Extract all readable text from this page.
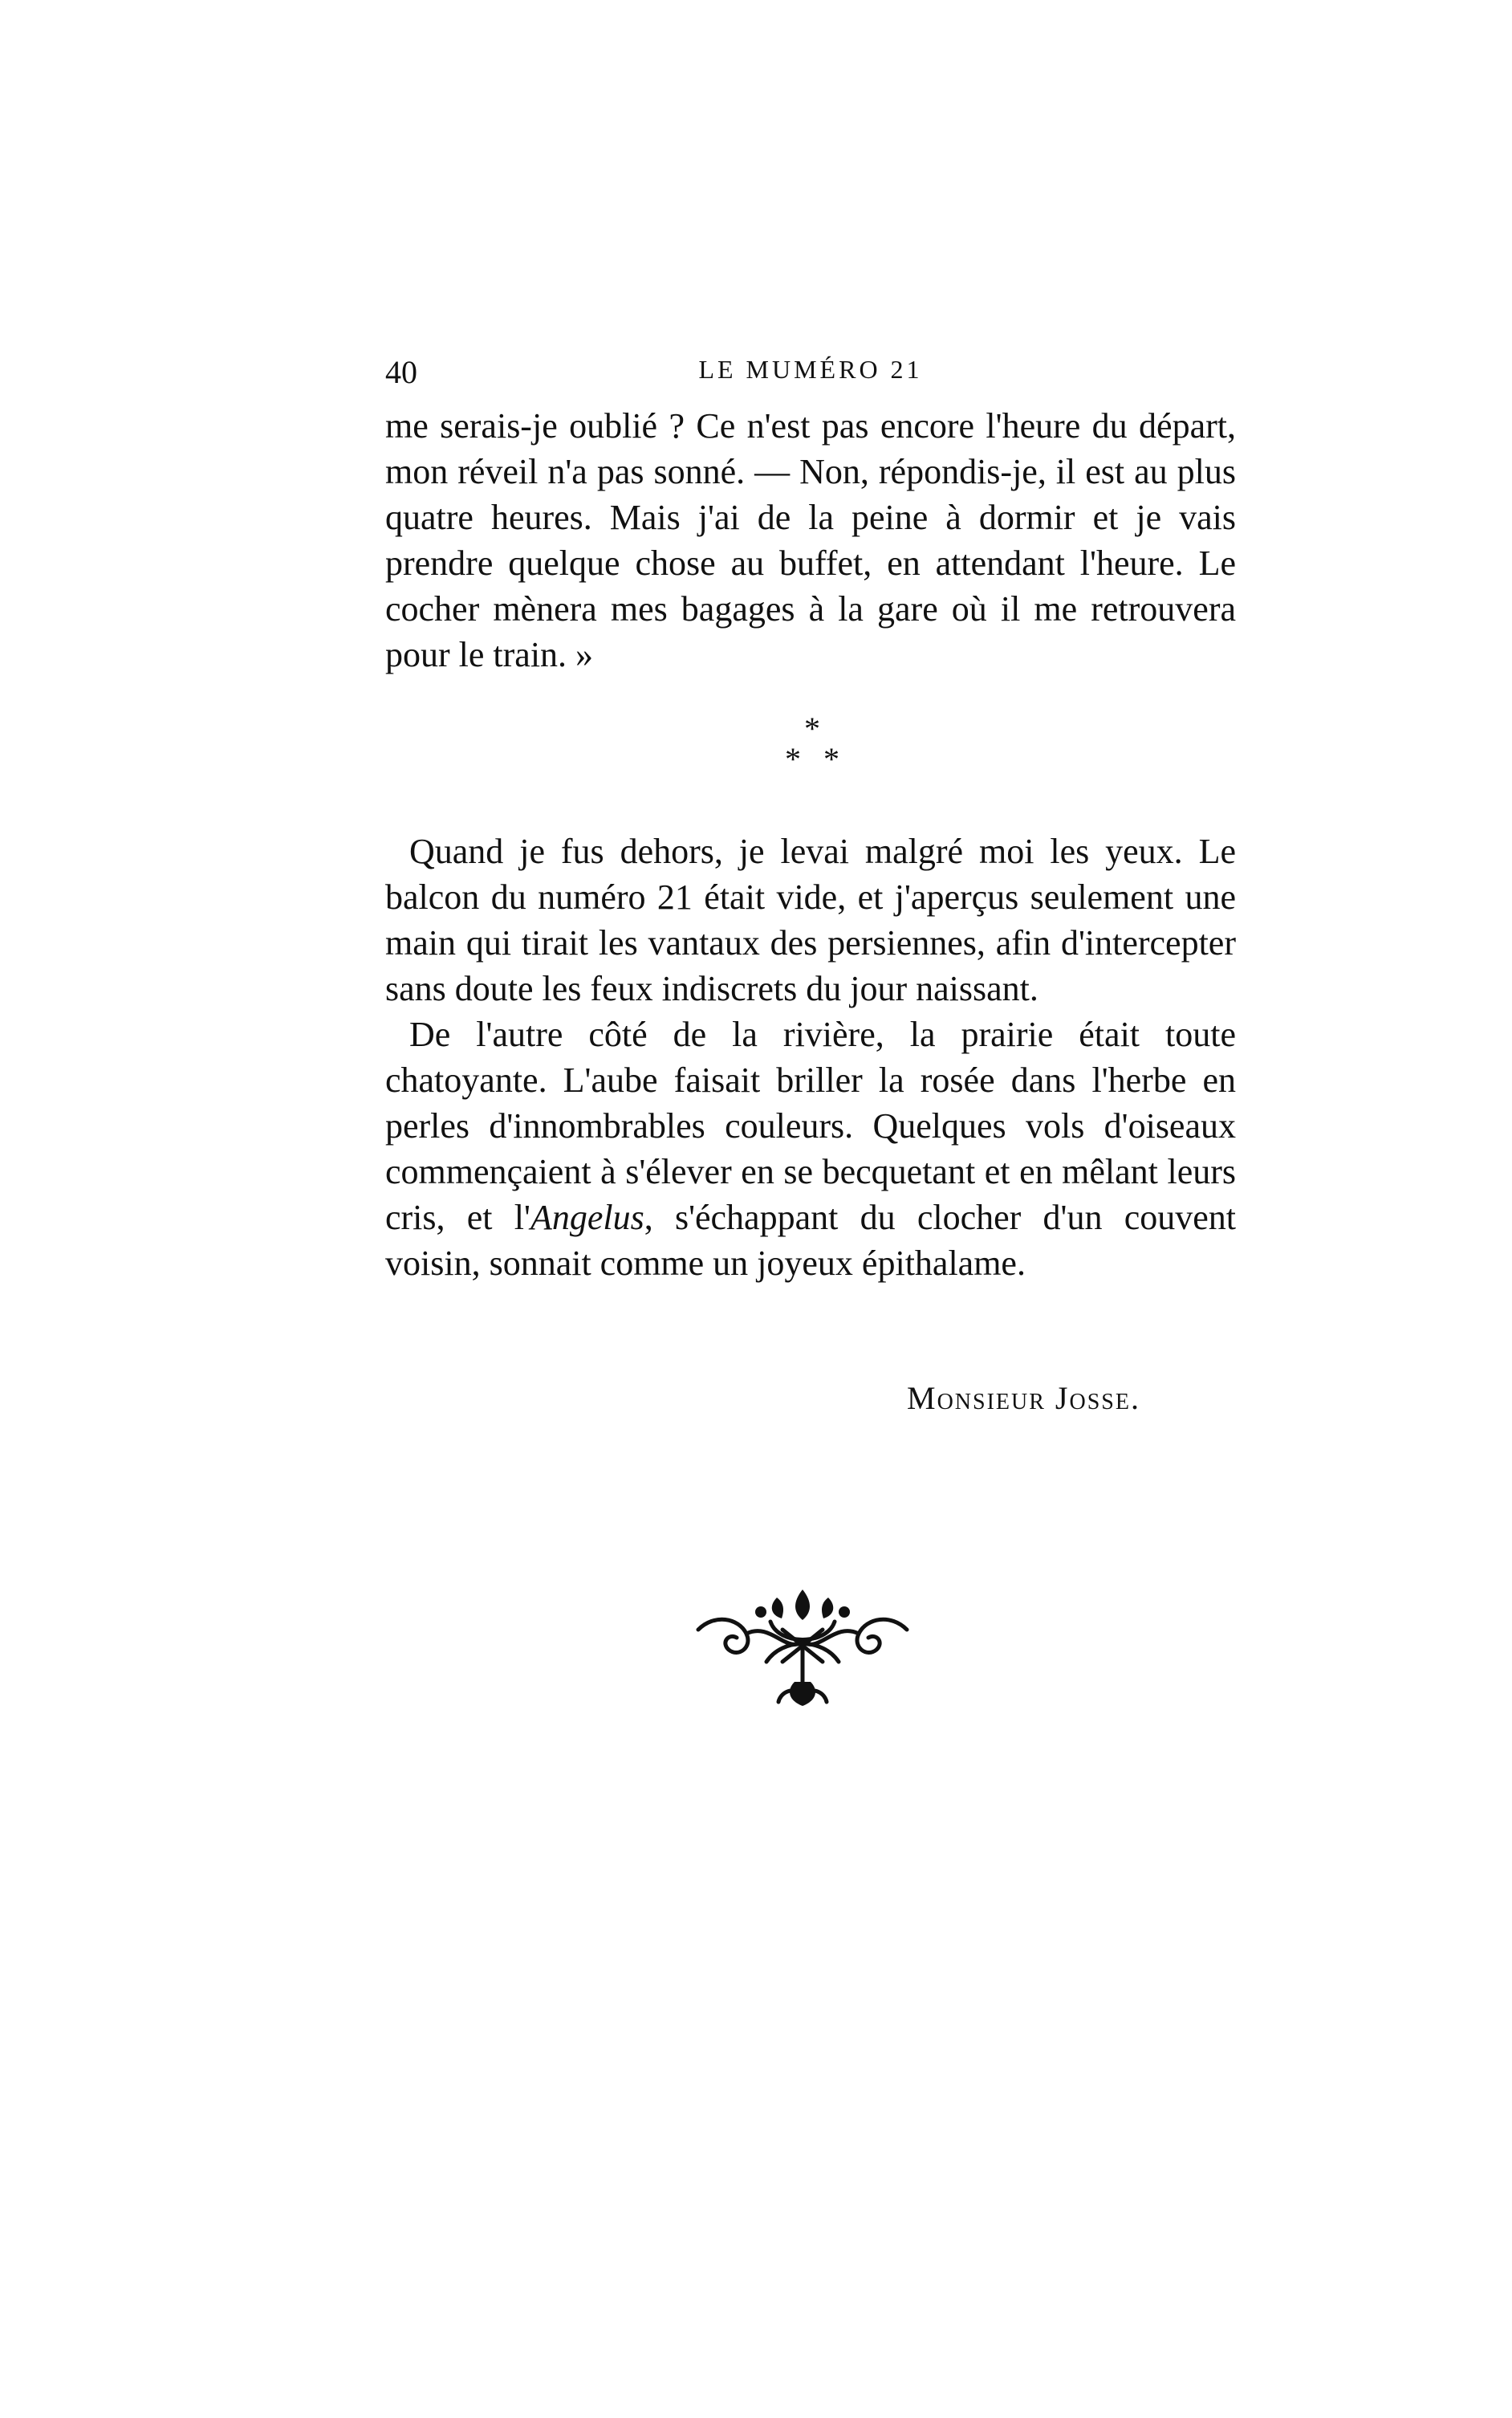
40	LE MUMÉRO 21

me serais-je oublié ? Ce n'est pas encore l'heure du départ, mon réveil n'a pas sonné. — Non, répondis-je, il est au plus quatre heures. Mais j'ai de la peine à dormir et je vais prendre quelque chose au buffet, en attendant l'heure. Le cocher mènera mes bagages à la gare où il me retrouvera pour le train. »

*
* *

Quand je fus dehors, je levai malgré moi les yeux. Le balcon du numéro 21 était vide, et j'aperçus seulement une main qui tirait les vantaux des persiennes, afin d'intercepter sans doute les feux indiscrets du jour naissant.

De l'autre côté de la rivière, la prairie était toute chatoyante. L'aube faisait briller la rosée dans l'herbe en perles d'innombrables couleurs. Quelques vols d'oiseaux commençaient à s'élever en se becquetant et en mêlant leurs cris, et l'Angelus, s'échappant du clocher d'un couvent voisin, sonnait comme un joyeux épithalame.

Monsieur Josse.
